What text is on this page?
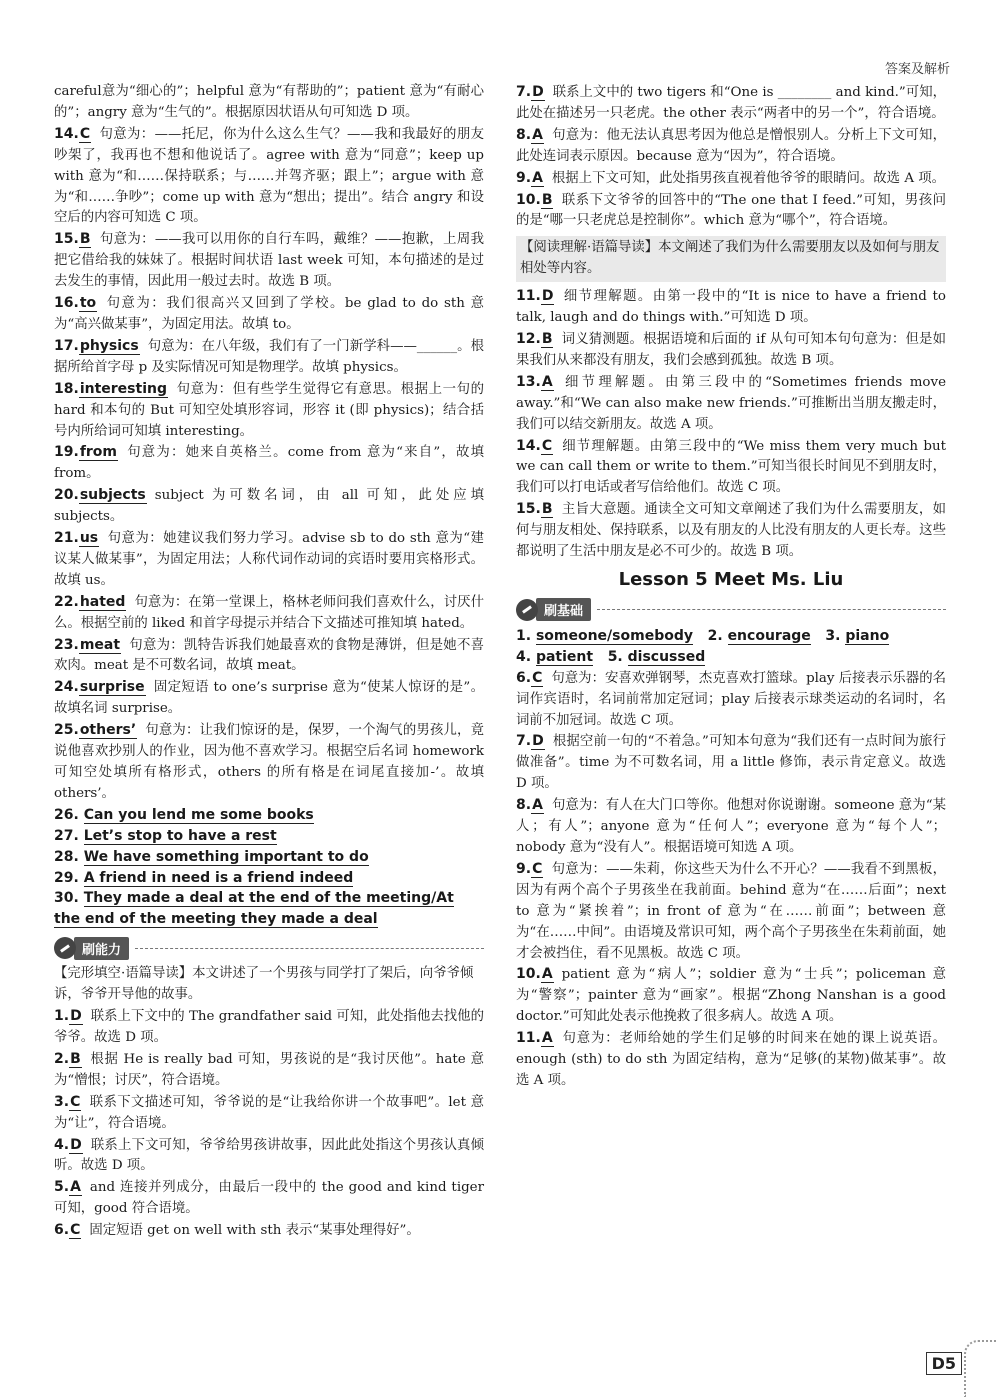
答案及解析
careful意为“细心的”；helpful 意为“有帮助的”；patient 意为“有耐心的”；angry 意为“生气的”。根据原因状语从句可知选 D 项。
14.C 句意为：——托尼，你为什么这么生气？——我和我最好的朋友吵架了，我再也不想和他说话了。agree with 意为“同意”；keep up with 意为“和……保持联系；与……并驾齐驱；跟上”；argue with 意为“和……争吵”；come up with 意为“想出；提出”。结合 angry 和设空后的内容可知选 C 项。
15.B 句意为：——我可以用你的自行车吗，戴维？——抱歉，上周我把它借给我的妹妹了。根据时间状语 last week 可知，本句描述的是过去发生的事情，因此用一般过去时。故选 B 项。
16.to 句意为：我们很高兴又回到了学校。be glad to do sth 意为“高兴做某事”，为固定用法。故填 to。
17.physics 句意为：在八年级，我们有了一门新学科——______。根据所给首字母 p 及实际情况可知是物理学。故填 physics。
18.interesting 句意为：但有些学生觉得它有意思。根据上一句的 hard 和本句的 But 可知空处填形容词，形容 it (即 physics)；结合括号内所给词可知填 interesting。
19.from 句意为：她来自英格兰。come from 意为“来自”，故填 from。
20.subjects subject 为可数名词，由 all 可知，此处应填 subjects。
21.us 句意为：她建议我们努力学习。advise sb to do sth 意为“建议某人做某事”，为固定用法；人称代词作动词的宾语时要用宾格形式。故填 us。
22.hated 句意为：在第一堂课上，格林老师问我们喜欢什么，讨厌什么。根据空前的 liked 和首字母提示并结合下文描述可推知填 hated。
23.meat 句意为：凯特告诉我们她最喜欢的食物是薄饼，但是她不喜欢肉。meat 是不可数名词，故填 meat。
24.surprise 固定短语 to one’s surprise 意为“使某人惊讶的是”。故填名词 surprise。
25.others’ 句意为：让我们惊讶的是，保罗，一个淘气的男孩儿，竟说他喜欢抄别人的作业，因为他不喜欢学习。根据空后名词 homework 可知空处填所有格形式，others 的所有格是在词尾直接加-’。故填 others’。
26. Can you lend me some books
27. Let’s stop to have a rest
28. We have something important to do
29. A friend in need is a friend indeed
30. They made a deal at the end of the meeting/At the end of the meeting they made a deal
刷能力
【完形填空·语篇导读】本文讲述了一个男孩与同学打了架后，向爷爷倾诉，爷爷开导他的故事。
1.D 联系上下文中的 The grandfather said 可知，此处指他去找他的爷爷。故选 D 项。
2.B 根据 He is really bad 可知，男孩说的是“我讨厌他”。hate 意为“憎恨；讨厌”，符合语境。
3.C 联系下文描述可知，爷爷说的是“让我给你讲一个故事吧”。let 意为“让”，符合语境。
4.D 联系上下文可知，爷爷给男孩讲故事，因此此处指这个男孩认真倾听。故选 D 项。
5.A and 连接并列成分，由最后一段中的 the good and kind tiger 可知，good 符合语境。
6.C 固定短语 get on well with sth 表示“某事处理得好”。
7.D 联系上文中的 two tigers 和“One is ________ and kind.”可知，此处在描述另一只老虎。the other 表示“两者中的另一个”，符合语境。
8.A 句意为：他无法认真思考因为他总是憎恨别人。分析上下文可知，此处连词表示原因。because 意为“因为”，符合语境。
9.A 根据上下文可知，此处指男孩直视着他爷爷的眼睛问。故选 A 项。
10.B 联系下文爷爷的回答中的“The one that I feed.”可知，男孩问的是“哪一只老虎总是控制你”。which 意为“哪个”，符合语境。
【阅读理解·语篇导读】本文阐述了我们为什么需要朋友以及如何与朋友相处等内容。
11.D 细节理解题。由第一段中的“It is nice to have a friend to talk, laugh and do things with.”可知选 D 项。
12.B 词义猜测题。根据语境和后面的 if 从句可知本句句意为：但是如果我们从来都没有朋友，我们会感到孤独。故选 B 项。
13.A 细节理解题。由第三段中的“Sometimes friends move away.”和“We can also make new friends.”可推断出当朋友搬走时，我们可以结交新朋友。故选 A 项。
14.C 细节理解题。由第三段中的“We miss them very much but we can call them or write to them.”可知当很长时间见不到朋友时，我们可以打电话或者写信给他们。故选 C 项。
15.B 主旨大意题。通读全文可知文章阐述了我们为什么需要朋友，如何与朋友相处、保持联系，以及有朋友的人比没有朋友的人更长寿。这些都说明了生活中朋友是必不可少的。故选 B 项。
Lesson 5 Meet Ms. Liu
刷基础
1. someone/somebody 2. encourage 3. piano
4. patient 5. discussed
6.C 句意为：安喜欢弹钢琴，杰克喜欢打篮球。play 后接表示乐器的名词作宾语时，名词前常加定冠词；play 后接表示球类运动的名词时，名词前不加冠词。故选 C 项。
7.D 根据空前一句的“不着急。”可知本句意为“我们还有一点时间为旅行做准备”。time 为不可数名词，用 a little 修饰，表示肯定意义。故选 D 项。
8.A 句意为：有人在大门口等你。他想对你说谢谢。someone 意为“某人；有人”；anyone 意为“任何人”；everyone 意为“每个人”；nobody 意为“没有人”。根据语境可知选 A 项。
9.C 句意为：——朱莉，你这些天为什么不开心？——我看不到黑板，因为有两个高个子男孩坐在我前面。behind 意为“在……后面”；next to 意为“紧挨着”；in front of 意为“在……前面”；between 意为“在……中间”。由语境及常识可知，两个高个子男孩坐在朱莉前面，她才会被挡住，看不见黑板。故选 C 项。
10.A patient 意为“病人”；soldier 意为“士兵”；policeman 意为“警察”；painter 意为“画家”。根据“Zhong Nanshan is a good doctor.”可知此处表示他挽救了很多病人。故选 A 项。
11.A 句意为：老师给她的学生们足够的时间来在她的课上说英语。enough (sth) to do sth 为固定结构，意为“足够(的某物)做某事”。故选 A 项。
D5
